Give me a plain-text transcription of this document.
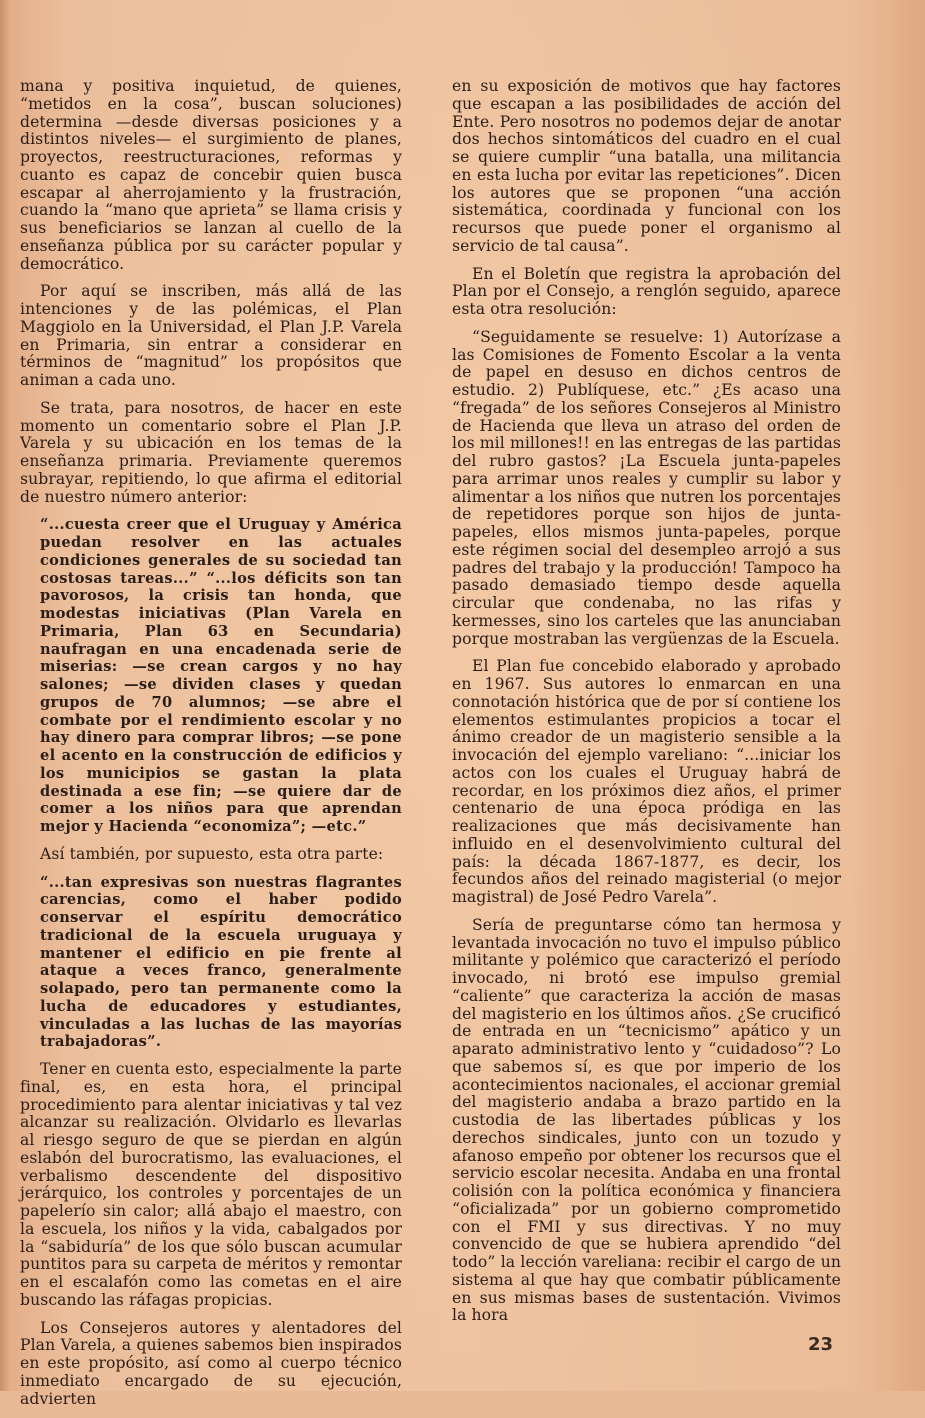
mana y positiva inquietud, de quienes, “metidos en la cosa”, buscan soluciones) determina —desde diversas posiciones y a distintos niveles— el surgimiento de planes, proyectos, reestructuraciones, reformas y cuanto es capaz de concebir quien busca escapar al aherrojamiento y la frustración, cuando la “mano que aprieta” se llama crisis y sus beneficiarios se lanzan al cuello de la enseñanza pública por su carácter popular y democrático.

Por aquí se inscriben, más allá de las intenciones y de las polémicas, el Plan Maggiolo en la Universidad, el Plan J.P. Varela en Primaria, sin entrar a considerar en términos de “magnitud” los propósitos que animan a cada uno.

Se trata, para nosotros, de hacer en este momento un comentario sobre el Plan J.P. Varela y su ubicación en los temas de la enseñanza primaria. Previamente queremos subrayar, repitiendo, lo que afirma el editorial de nuestro número anterior:

“...cuesta creer que el Uruguay y América puedan resolver en las actuales condiciones generales de su sociedad tan costosas tareas...” “...los déficits son tan pavorosos, la crisis tan honda, que modestas iniciativas (Plan Varela en Primaria, Plan 63 en Secundaria) naufragan en una encadenada serie de miserias: —se crean cargos y no hay salones; —se dividen clases y quedan grupos de 70 alumnos; —se abre el combate por el rendimiento escolar y no hay dinero para comprar libros; —se pone el acento en la construcción de edificios y los municipios se gastan la plata destinada a ese fin; —se quiere dar de comer a los niños para que aprendan mejor y Hacienda “economiza”; —etc.”

Así también, por supuesto, esta otra parte:

“...tan expresivas son nuestras flagrantes carencias, como el haber podido conservar el espíritu democrático tradicional de la escuela uruguaya y mantener el edificio en pie frente al ataque a veces franco, generalmente solapado, pero tan permanente como la lucha de educadores y estudiantes, vinculadas a las luchas de las mayorías trabajadoras”.

Tener en cuenta esto, especialmente la parte final, es, en esta hora, el principal procedimiento para alentar iniciativas y tal vez alcanzar su realización. Olvidarlo es llevarlas al riesgo seguro de que se pierdan en algún eslabón del burocratismo, las evaluaciones, el verbalismo descendente del dispositivo jerárquico, los controles y porcentajes de un papelerío sin calor; allá abajo el maestro, con la escuela, los niños y la vida, cabalgados por la “sabiduría” de los que sólo buscan acumular puntitos para su carpeta de méritos y remontar en el escalafón como las cometas en el aire buscando las ráfagas propicias.

Los Consejeros autores y alentadores del Plan Varela, a quienes sabemos bien inspirados en este propósito, así como al cuerpo técnico inmediato encargado de su ejecución, advierten

en su exposición de motivos que hay factores que escapan a las posibilidades de acción del Ente. Pero nosotros no podemos dejar de anotar dos hechos sintomáticos del cuadro en el cual se quiere cumplir “una batalla, una militancia en esta lucha por evitar las repeticiones”. Dicen los autores que se proponen “una acción sistemática, coordinada y funcional con los recursos que puede poner el organismo al servicio de tal causa”.

En el Boletín que registra la aprobación del Plan por el Consejo, a renglón seguido, aparece esta otra resolución:

“Seguidamente se resuelve: 1) Autorízase a las Comisiones de Fomento Escolar a la venta de papel en desuso en dichos centros de estudio. 2) Publíquese, etc.” ¿Es acaso una “fregada” de los señores Consejeros al Ministro de Hacienda que lleva un atraso del orden de los mil millones!! en las entregas de las partidas del rubro gastos? ¡La Escuela junta-papeles para arrimar unos reales y cumplir su labor y alimentar a los niños que nutren los porcentajes de repetidores porque son hijos de junta-papeles, ellos mismos junta-papeles, porque este régimen social del desempleo arrojó a sus padres del trabajo y la producción! Tampoco ha pasado demasiado tiempo desde aquella circular que condenaba, no las rifas y kermesses, sino los carteles que las anunciaban porque mostraban las vergüenzas de la Escuela.

El Plan fue concebido elaborado y aprobado en 1967. Sus autores lo enmarcan en una connotación histórica que de por sí contiene los elementos estimulantes propicios a tocar el ánimo creador de un magisterio sensible a la invocación del ejemplo vareliano: “...iniciar los actos con los cuales el Uruguay habrá de recordar, en los próximos diez años, el primer centenario de una época pródiga en las realizaciones que más decisivamente han influido en el desenvolvimiento cultural del país: la década 1867-1877, es decir, los fecundos años del reinado magisterial (o mejor magistral) de José Pedro Varela”.

Sería de preguntarse cómo tan hermosa y levantada invocación no tuvo el impulso público militante y polémico que caracterizó el período invocado, ni brotó ese impulso gremial “caliente” que caracteriza la acción de masas del magisterio en los últimos años. ¿Se crucificó de entrada en un “tecnicismo” apático y un aparato administrativo lento y “cuidadoso”? Lo que sabemos sí, es que por imperio de los acontecimientos nacionales, el accionar gremial del magisterio andaba a brazo partido en la custodia de las libertades públicas y los derechos sindicales, junto con un tozudo y afanoso empeño por obtener los recursos que el servicio escolar necesita. Andaba en una frontal colisión con la política económica y financiera “oficializada” por un gobierno comprometido con el FMI y sus directivas. Y no muy convencido de que se hubiera aprendido “del todo” la lección vareliana: recibir el cargo de un sistema al que hay que combatir públicamente en sus mismas bases de sustentación. Vivimos la hora

23
